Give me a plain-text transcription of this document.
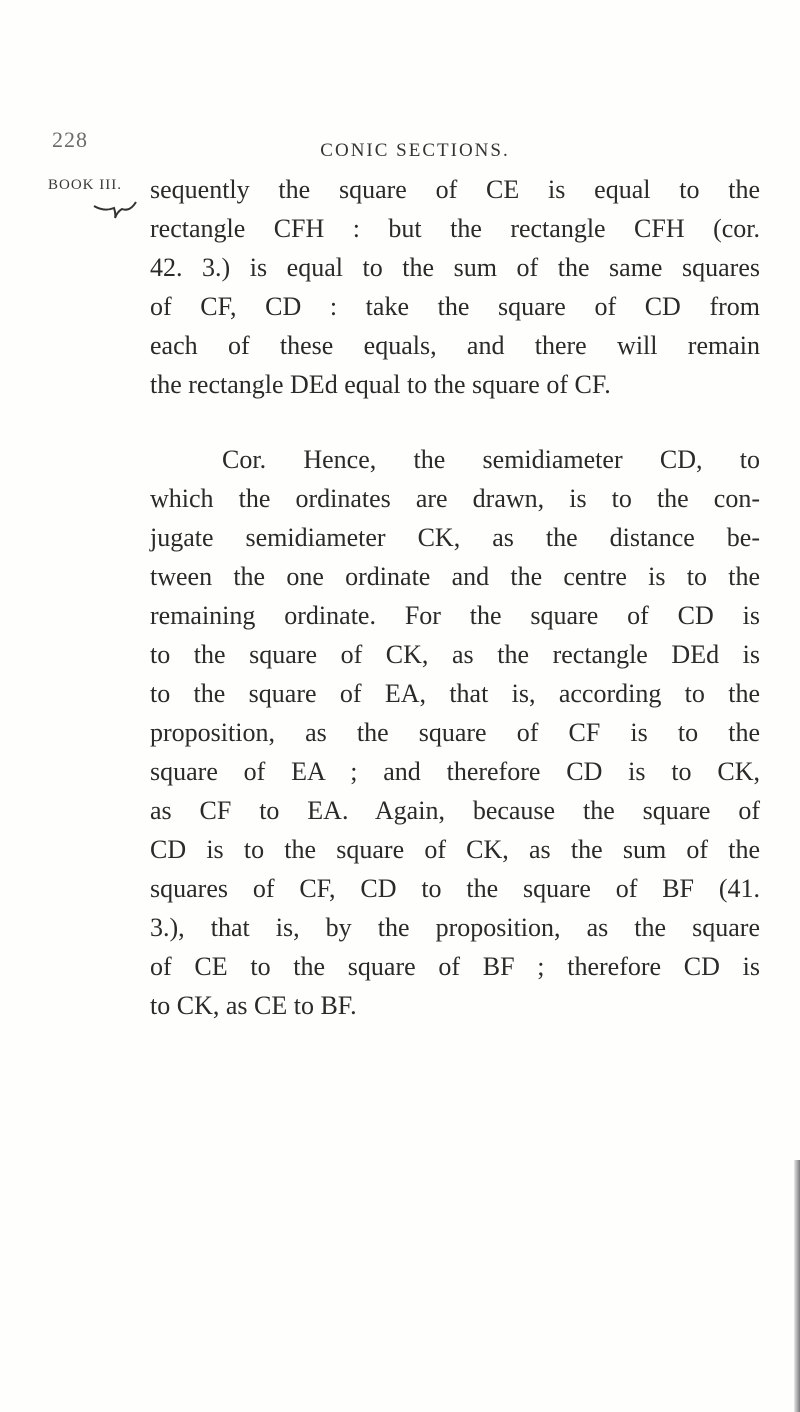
228	CONIC SECTIONS.
BOOK III. sequently the square of CE is equal to the
rectangle CFH : but the rectangle CFH (cor.
42. 3.) is equal to the sum of the same squares
of CF, CD : take the square of CD from
each of these equals, and there will remain
the rectangle DEd equal to the square of CF.
Cor. Hence, the semidiameter CD, to
which the ordinates are drawn, is to the con-
jugate semidiameter CK, as the distance be-
tween the one ordinate and the centre is to the
remaining ordinate. For the square of CD is
to the square of CK, as the rectangle DEd is
to the square of EA, that is, according to the
proposition, as the square of CF is to the
square of EA ; and therefore CD is to CK,
as CF to EA. Again, because the square of
CD is to the square of CK, as the sum of the
squares of CF, CD to the square of BF (41.
3.), that is, by the proposition, as the square
of CE to the square of BF ; therefore CD is
to CK, as CE to BF.
